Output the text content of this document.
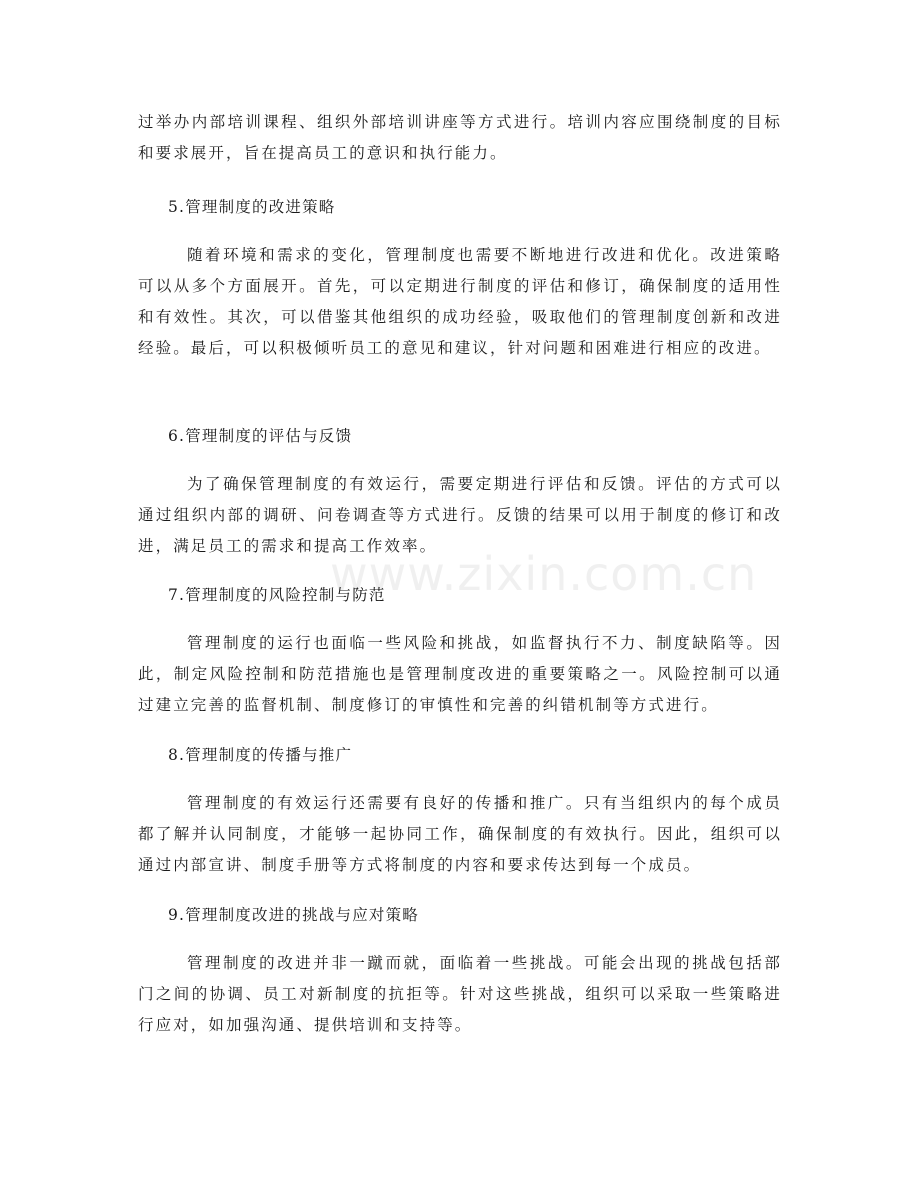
www.zixin.com.cn
过举办内部培训课程、组织外部培训讲座等方式进行。培训内容应围绕制度的目标和要求展开，旨在提高员工的意识和执行能力。
5.管理制度的改进策略
随着环境和需求的变化，管理制度也需要不断地进行改进和优化。改进策略可以从多个方面展开。首先，可以定期进行制度的评估和修订，确保制度的适用性和有效性。其次，可以借鉴其他组织的成功经验，吸取他们的管理制度创新和改进经验。最后，可以积极倾听员工的意见和建议，针对问题和困难进行相应的改进。
6.管理制度的评估与反馈
为了确保管理制度的有效运行，需要定期进行评估和反馈。评估的方式可以通过组织内部的调研、问卷调查等方式进行。反馈的结果可以用于制度的修订和改进，满足员工的需求和提高工作效率。
7.管理制度的风险控制与防范
管理制度的运行也面临一些风险和挑战，如监督执行不力、制度缺陷等。因此，制定风险控制和防范措施也是管理制度改进的重要策略之一。风险控制可以通过建立完善的监督机制、制度修订的审慎性和完善的纠错机制等方式进行。
8.管理制度的传播与推广
管理制度的有效运行还需要有良好的传播和推广。只有当组织内的每个成员都了解并认同制度，才能够一起协同工作，确保制度的有效执行。因此，组织可以通过内部宣讲、制度手册等方式将制度的内容和要求传达到每一个成员。
9.管理制度改进的挑战与应对策略
管理制度的改进并非一蹴而就，面临着一些挑战。可能会出现的挑战包括部门之间的协调、员工对新制度的抗拒等。针对这些挑战，组织可以采取一些策略进行应对，如加强沟通、提供培训和支持等。
